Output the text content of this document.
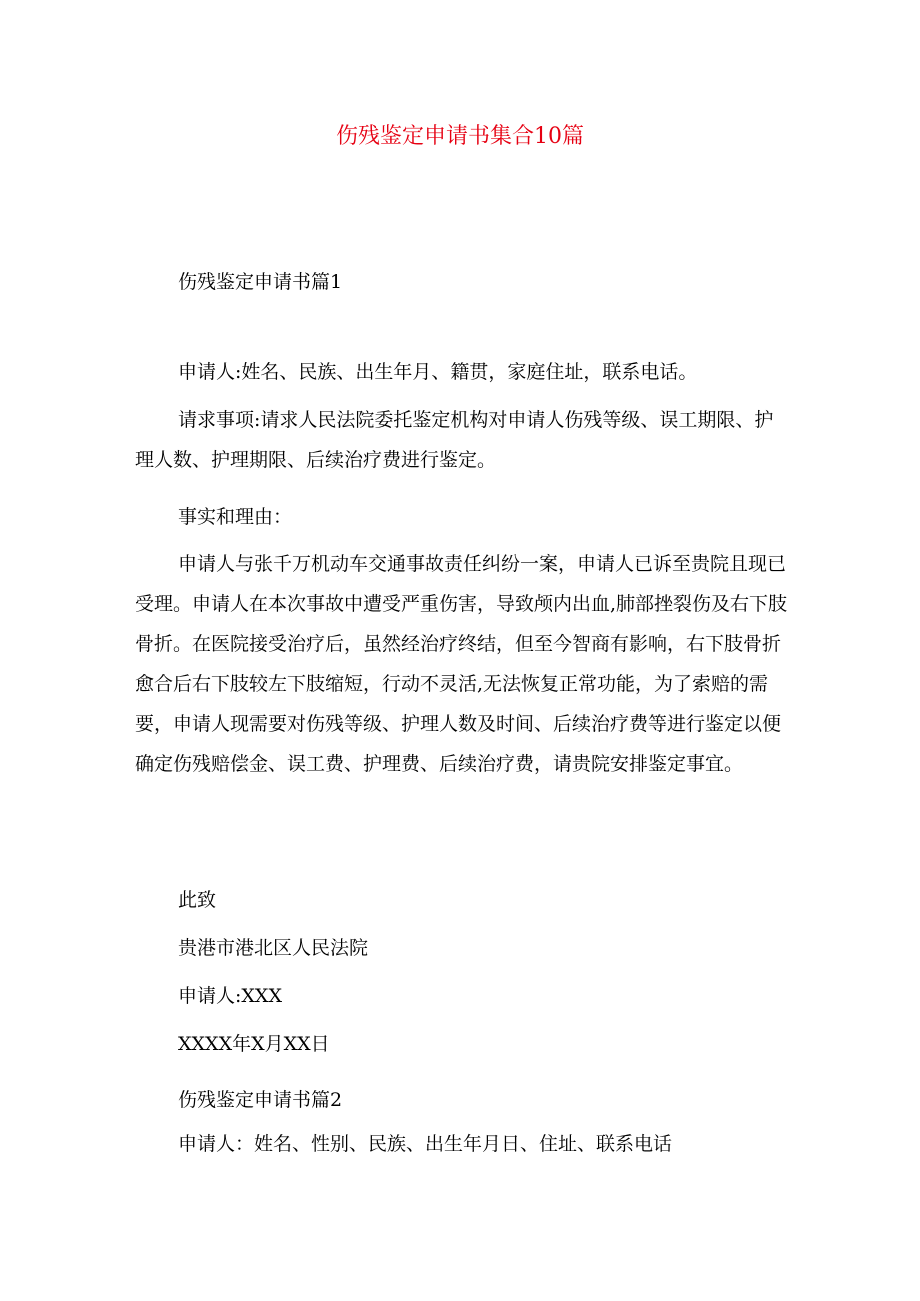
伤残鉴定申请书集合10篇

伤残鉴定申请书篇1

申请人:姓名、民族、出生年月、籍贯，家庭住址，联系电话。

请求事项:请求人民法院委托鉴定机构对申请人伤残等级、误工期限、护理人数、护理期限、后续治疗费进行鉴定。

事实和理由：

申请人与张千万机动车交通事故责任纠纷一案，申请人已诉至贵院且现已受理。申请人在本次事故中遭受严重伤害，导致颅内出血,肺部挫裂伤及右下肢骨折。在医院接受治疗后，虽然经治疗终结，但至今智商有影响，右下肢骨折愈合后右下肢较左下肢缩短，行动不灵活,无法恢复正常功能，为了索赔的需要，申请人现需要对伤残等级、护理人数及时间、后续治疗费等进行鉴定以便确定伤残赔偿金、误工费、护理费、后续治疗费，请贵院安排鉴定事宜。

此致

贵港市港北区人民法院

申请人:XXX

XXXX年X月XX日

伤残鉴定申请书篇2

申请人：姓名、性别、民族、出生年月日、住址、联系电话
